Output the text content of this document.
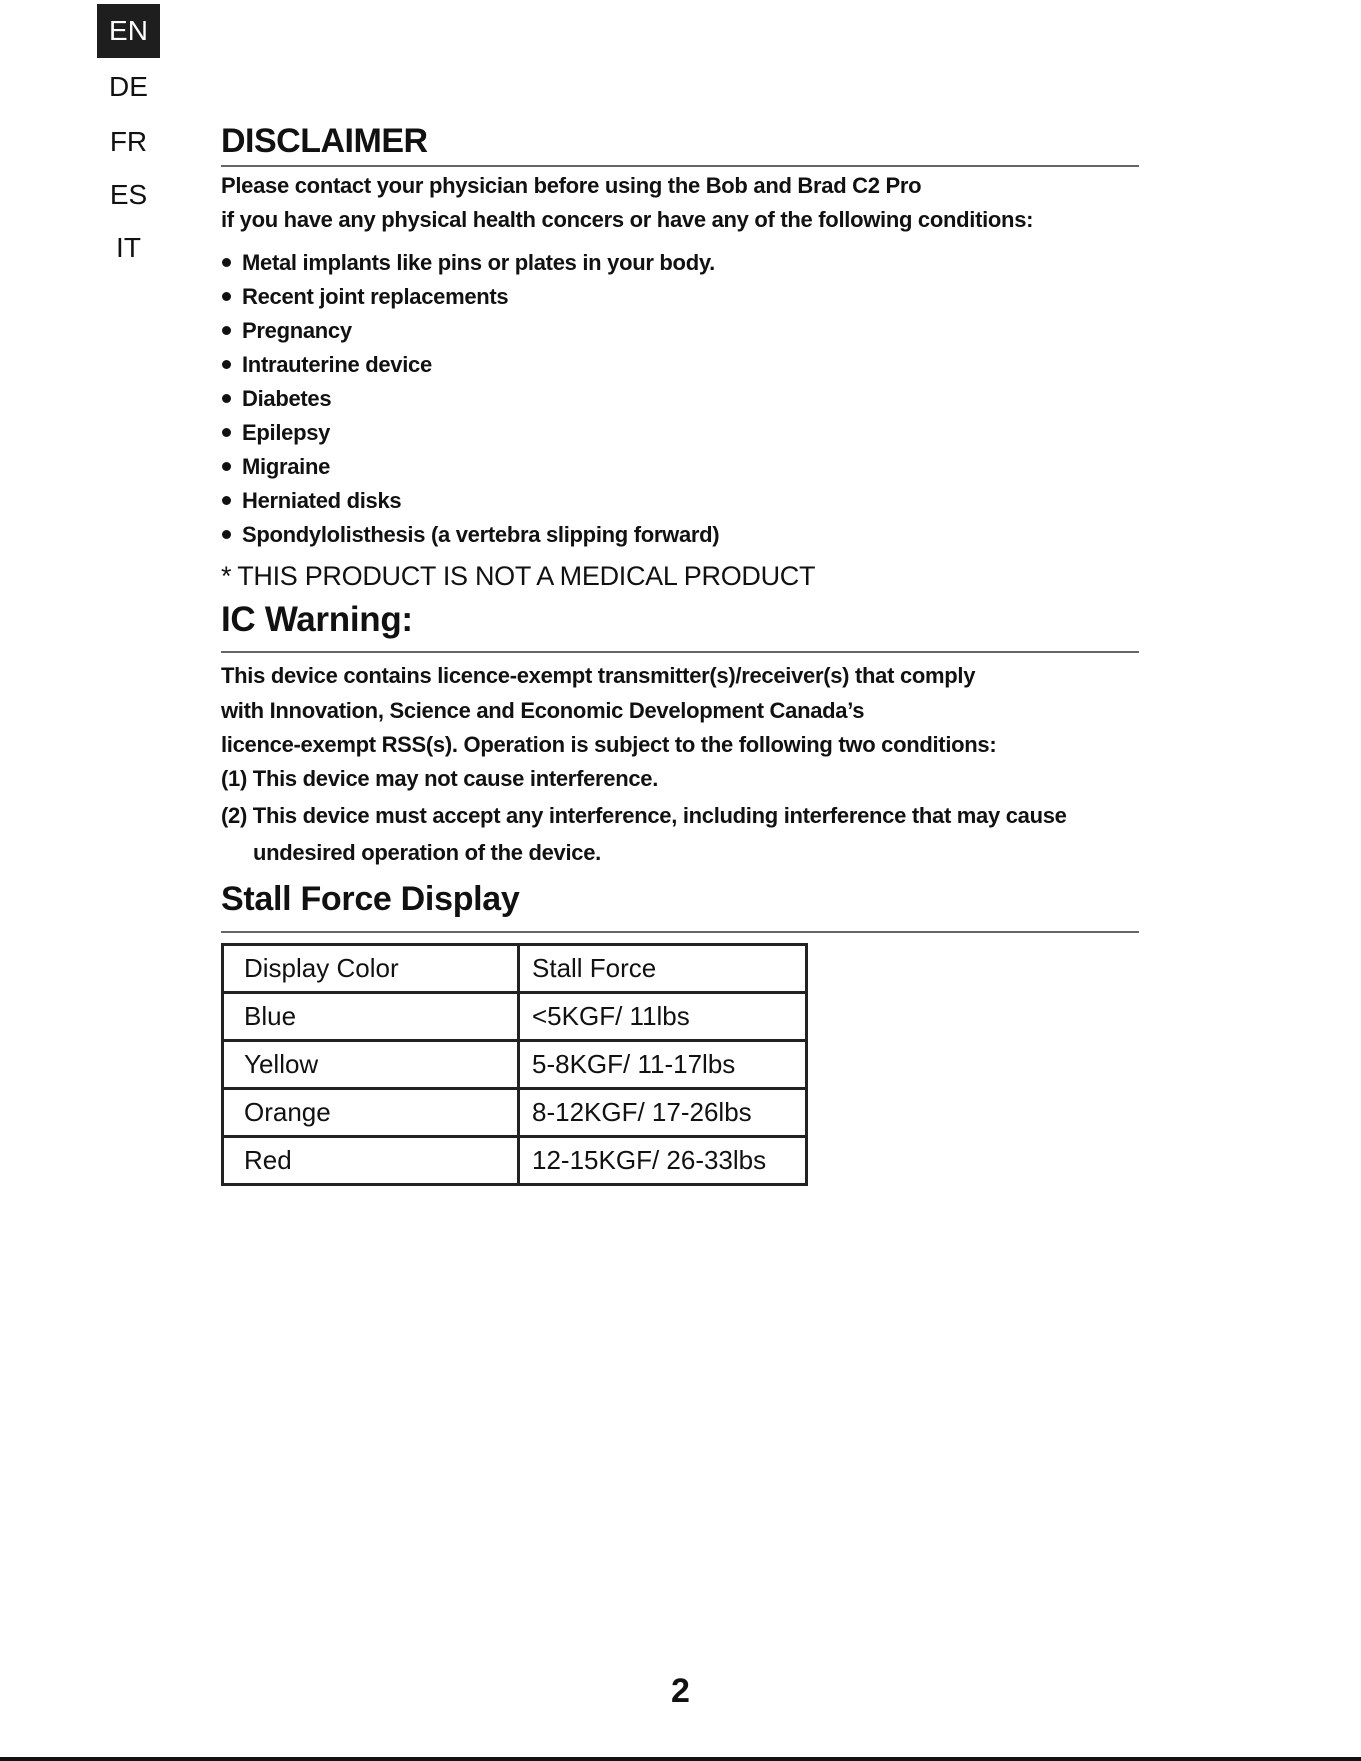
EN
DE
FR
ES
IT
DISCLAIMER

Please contact your physician before using the Bob and Brad C2 Pro

if you have any physical health concers or have any of the following conditions:

Metal implants like pins or plates in your body.
Recent joint replacements
Pregnancy
Intrauterine device
Diabetes
Epilepsy
Migraine
Herniated disks
Spondylolisthesis (a vertebra slipping forward)
* THIS PRODUCT IS NOT A MEDICAL PRODUCT
IC Warning:
This device contains licence-exempt transmitter(s)/receiver(s) that comply
with Innovation, Science and Economic Development Canada’s
licence-exempt RSS(s). Operation is subject to the following two conditions:
(1) This device may not cause interference.
(2) This device must accept any interference, including interference that may cause
undesired operation of the device.
Stall Force Display
Display Color	Stall Force
Blue	<5KGF/ 11lbs
Yellow	5-8KGF/ 11-17lbs
Orange	8-12KGF/ 17-26lbs
Red	12-15KGF/ 26-33lbs
2
